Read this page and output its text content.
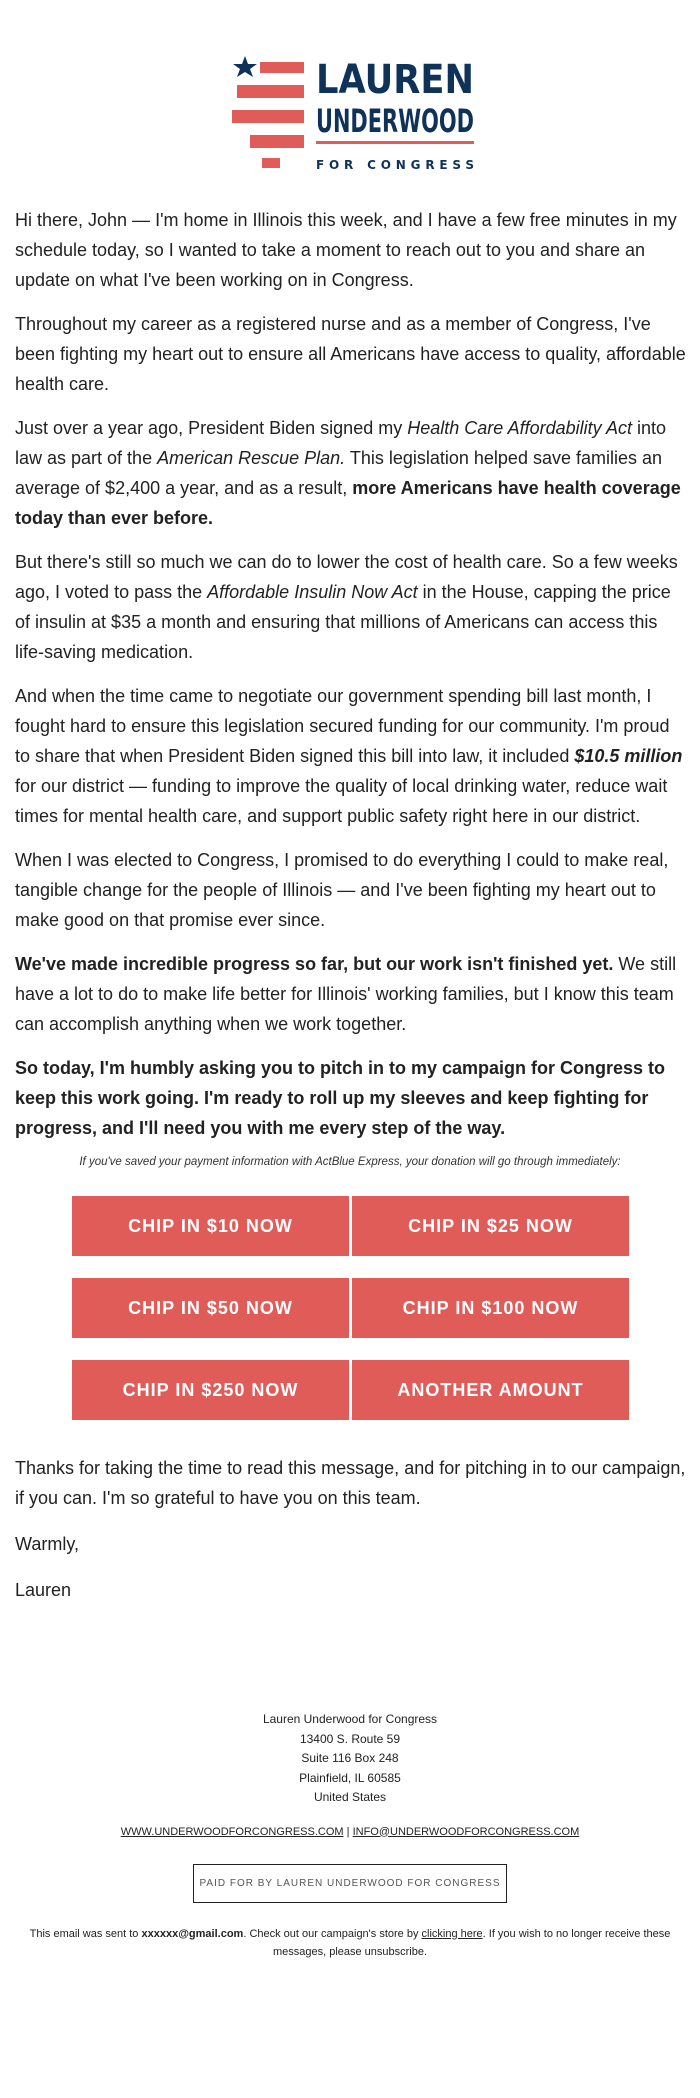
LAUREN
UNDERWOOD
FOR CONGRESS

Hi there, John — I'm home in Illinois this week, and I have a few free minutes in my schedule today, so I wanted to take a moment to reach out to you and share an update on what I've been working on in Congress.

Throughout my career as a registered nurse and as a member of Congress, I've been fighting my heart out to ensure all Americans have access to quality, affordable health care.

Just over a year ago, President Biden signed my Health Care Affordability Act into law as part of the American Rescue Plan. This legislation helped save families an average of $2,400 a year, and as a result, more Americans have health coverage today than ever before.

But there's still so much we can do to lower the cost of health care. So a few weeks ago, I voted to pass the Affordable Insulin Now Act in the House, capping the price of insulin at $35 a month and ensuring that millions of Americans can access this life-saving medication.

And when the time came to negotiate our government spending bill last month, I fought hard to ensure this legislation secured funding for our community. I'm proud to share that when President Biden signed this bill into law, it included $10.5 million for our district — funding to improve the quality of local drinking water, reduce wait times for mental health care, and support public safety right here in our district.

When I was elected to Congress, I promised to do everything I could to make real, tangible change for the people of Illinois — and I've been fighting my heart out to make good on that promise ever since.

We've made incredible progress so far, but our work isn't finished yet. We still have a lot to do to make life better for Illinois' working families, but I know this team can accomplish anything when we work together.

So today, I'm humbly asking you to pitch in to my campaign for Congress to keep this work going. I'm ready to roll up my sleeves and keep fighting for progress, and I'll need you with me every step of the way.

If you've saved your payment information with ActBlue Express, your donation will go through immediately:
CHIP IN $10 NOW	CHIP IN $25 NOW
CHIP IN $50 NOW	CHIP IN $100 NOW
CHIP IN $250 NOW	ANOTHER AMOUNT

Thanks for taking the time to read this message, and for pitching in to our campaign, if you can. I'm so grateful to have you on this team.

Warmly,

Lauren

Lauren Underwood for Congress
13400 S. Route 59
Suite 116 Box 248
Plainfield, IL 60585
United States
WWW.UNDERWOODFORCONGRESS.COM | INFO@UNDERWOODFORCONGRESS.COM
PAID FOR BY LAUREN UNDERWOOD FOR CONGRESS
This email was sent to xxxxxx@gmail.com. Check out our campaign's store by clicking here. If you wish to no longer receive these messages, please unsubscribe.
